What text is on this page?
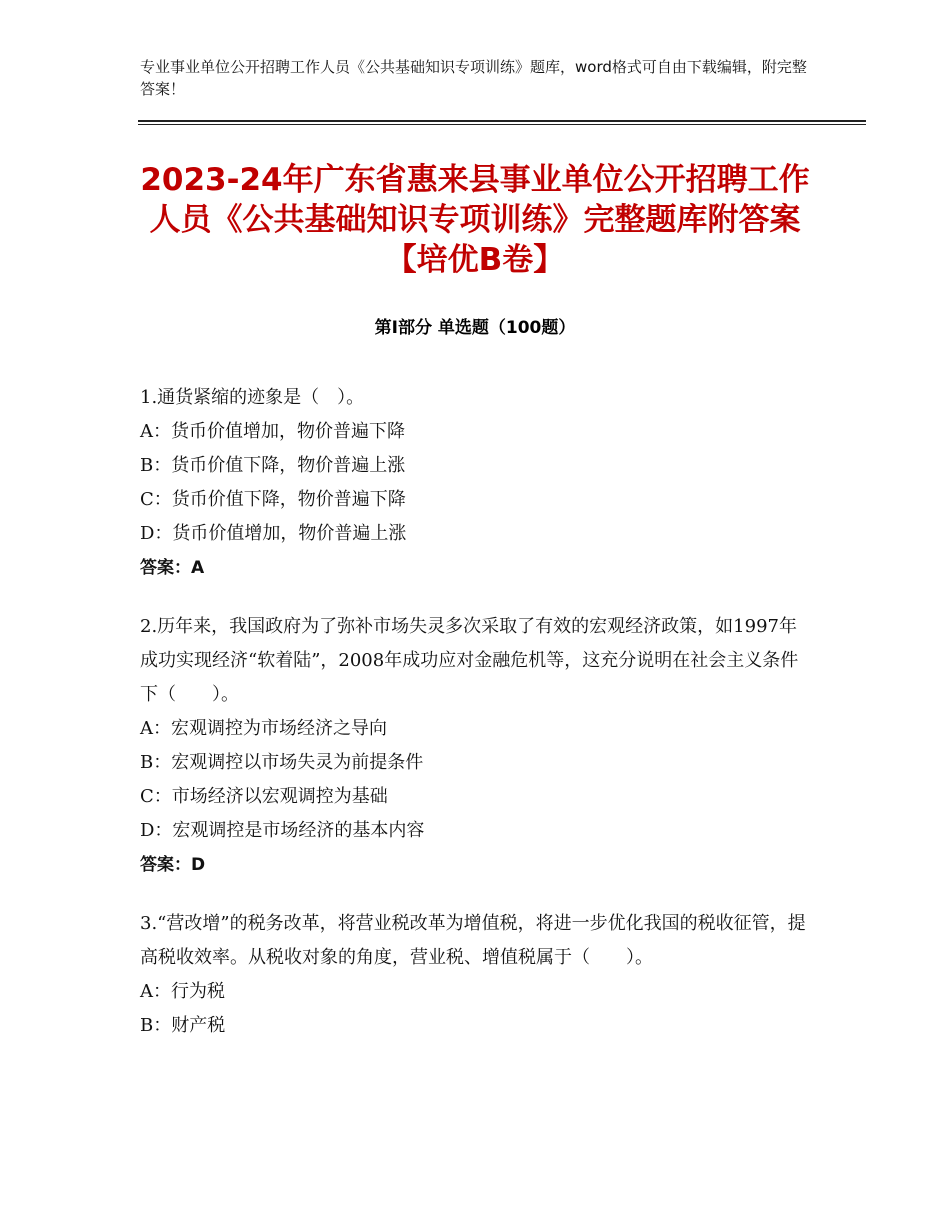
专业事业单位公开招聘工作人员《公共基础知识专项训练》题库，word格式可自由下载编辑，附完整答案！
2023-24年广东省惠来县事业单位公开招聘工作人员《公共基础知识专项训练》完整题库附答案【培优B卷】
第Ⅰ部分 单选题（100题）

1.通货紧缩的迹象是（　）。

A：货币价值增加，物价普遍下降

B：货币价值下降，物价普遍上涨

C：货币价值下降，物价普遍下降

D：货币价值增加，物价普遍上涨

答案：A

2.历年来，我国政府为了弥补市场失灵多次采取了有效的宏观经济政策，如1997年成功实现经济“软着陆”，2008年成功应对金融危机等，这充分说明在社会主义条件下（　　）。

A：宏观调控为市场经济之导向

B：宏观调控以市场失灵为前提条件

C：市场经济以宏观调控为基础

D：宏观调控是市场经济的基本内容

答案：D

3.“营改增”的税务改革，将营业税改革为增值税，将进一步优化我国的税收征管，提高税收效率。从税收对象的角度，营业税、增值税属于（　　）。

A：行为税

B：财产税
